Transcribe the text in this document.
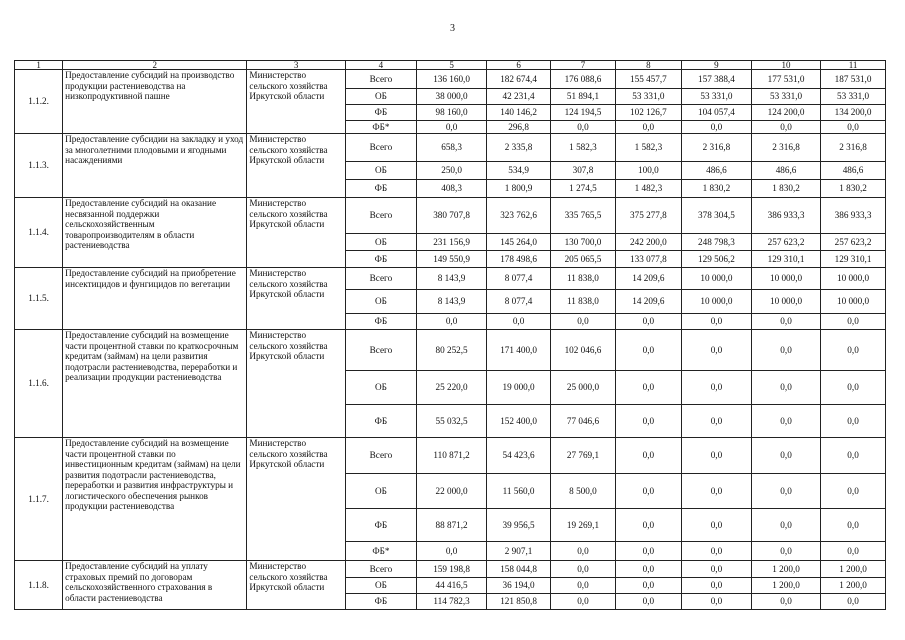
3
1	2	3	4	5	6	7	8	9	10	11
1.1.2.	Предоставление субсидий на производство продукции растениеводства на низкопродуктивной пашне	Министерство сельского хозяйства Иркутской области	Всего	136 160,0	182 674,4	176 088,6	155 457,7	157 388,4	177 531,0	187 531,0
			ОБ	38 000,0	42 231,4	51 894,1	53 331,0	53 331,0	53 331,0	53 331,0
			ФБ	98 160,0	140 146,2	124 194,5	102 126,7	104 057,4	124 200,0	134 200,0
			ФБ*	0,0	296,8	0,0	0,0	0,0	0,0	0,0
1.1.3.	Предоставление субсидии на закладку и уход за многолетними плодовыми и ягодными насаждениями	Министерство сельского хозяйства Иркутской области	Всего	658,3	2 335,8	1 582,3	1 582,3	2 316,8	2 316,8	2 316,8
			ОБ	250,0	534,9	307,8	100,0	486,6	486,6	486,6
			ФБ	408,3	1 800,9	1 274,5	1 482,3	1 830,2	1 830,2	1 830,2
1.1.4.	Предоставление субсидий на оказание несвязанной поддержки сельскохозяйственным товаропроизводителям в области растениеводства	Министерство сельского хозяйства Иркутской области	Всего	380 707,8	323 762,6	335 765,5	375 277,8	378 304,5	386 933,3	386 933,3
			ОБ	231 156,9	145 264,0	130 700,0	242 200,0	248 798,3	257 623,2	257 623,2
			ФБ	149 550,9	178 498,6	205 065,5	133 077,8	129 506,2	129 310,1	129 310,1
1.1.5.	Предоставление субсидий на приобретение инсектицидов и фунгицидов по вегетации	Министерство сельского хозяйства Иркутской области	Всего	8 143,9	8 077,4	11 838,0	14 209,6	10 000,0	10 000,0	10 000,0
			ОБ	8 143,9	8 077,4	11 838,0	14 209,6	10 000,0	10 000,0	10 000,0
			ФБ	0,0	0,0	0,0	0,0	0,0	0,0	0,0
1.1.6.	Предоставление субсидий на возмещение части процентной ставки по краткосрочным кредитам (займам) на цели развития подотрасли растениеводства, переработки и реализации продукции растениеводства	Министерство сельского хозяйства Иркутской области	Всего	80 252,5	171 400,0	102 046,6	0,0	0,0	0,0	0,0
			ОБ	25 220,0	19 000,0	25 000,0	0,0	0,0	0,0	0,0
			ФБ	55 032,5	152 400,0	77 046,6	0,0	0,0	0,0	0,0
1.1.7.	Предоставление субсидий на возмещение части процентной ставки по инвестиционным кредитам (займам) на цели развития подотрасли растениеводства, переработки и развития инфраструктуры и логистического обеспечения рынков продукции растениеводства	Министерство сельского хозяйства Иркутской области	Всего	110 871,2	54 423,6	27 769,1	0,0	0,0	0,0	0,0
			ОБ	22 000,0	11 560,0	8 500,0	0,0	0,0	0,0	0,0
			ФБ	88 871,2	39 956,5	19 269,1	0,0	0,0	0,0	0,0
			ФБ*	0,0	2 907,1	0,0	0,0	0,0	0,0	0,0
1.1.8.	Предоставление субсидий на уплату страховых премий по договорам сельскохозяйственного страхования в области растениеводства	Министерство сельского хозяйства Иркутской области	Всего	159 198,8	158 044,8	0,0	0,0	0,0	1 200,0	1 200,0
			ОБ	44 416,5	36 194,0	0,0	0,0	0,0	1 200,0	1 200,0
			ФБ	114 782,3	121 850,8	0,0	0,0	0,0	0,0	0,0
